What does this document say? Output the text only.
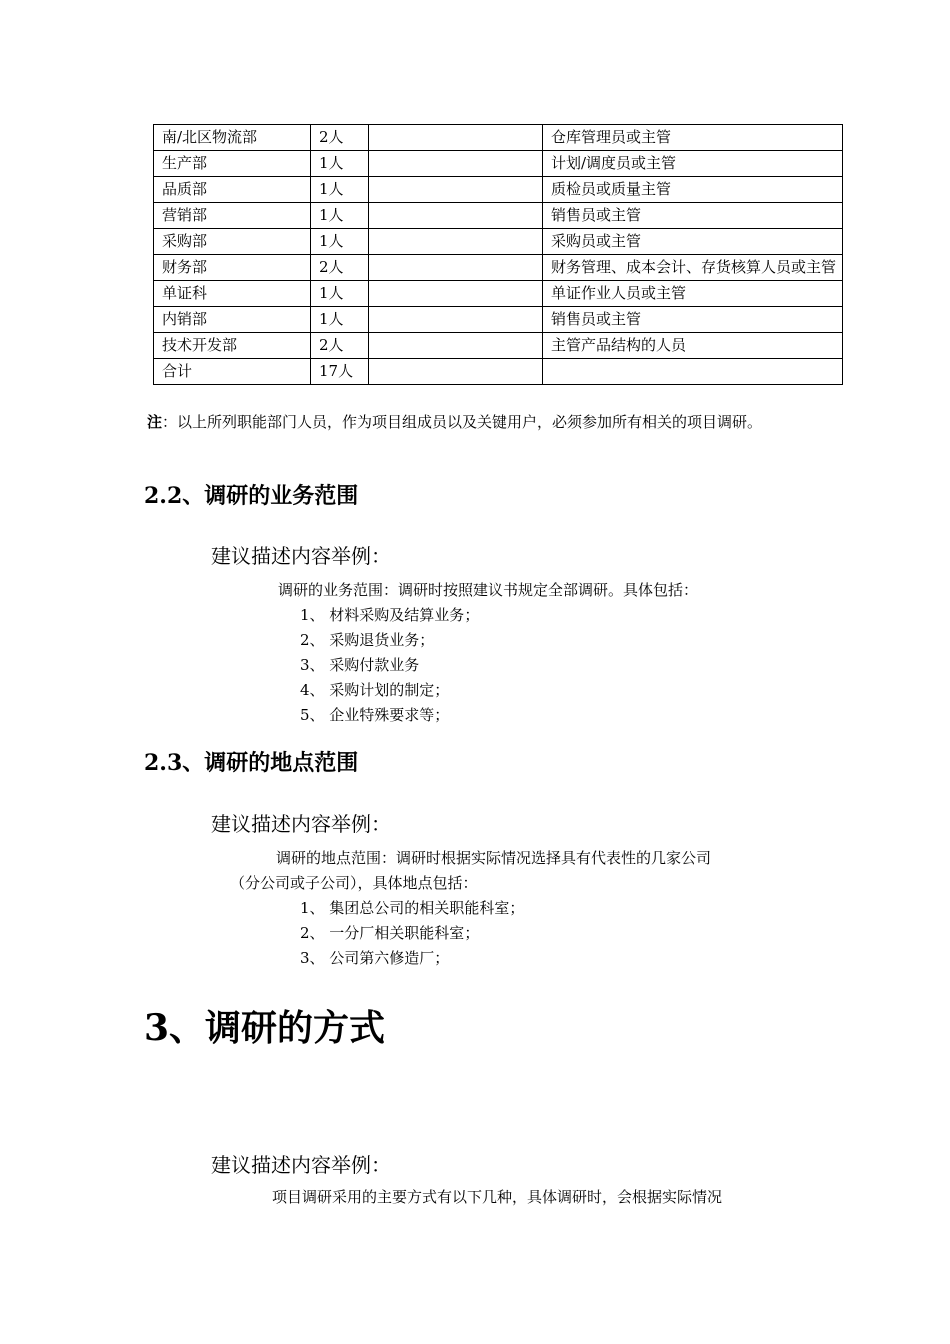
南/北区物流部	2人		仓库管理员或主管
生产部	1人		计划/调度员或主管
品质部	1人		质检员或质量主管
营销部	1人		销售员或主管
采购部	1人		采购员或主管
财务部	2人		财务管理、成本会计、存货核算人员或主管
单证科	1人		单证作业人员或主管
内销部	1人		销售员或主管
技术开发部	2人		主管产品结构的人员
合计	17人		
注：以上所列职能部门人员，作为项目组成员以及关键用户，必须参加所有相关的项目调研。
2.2、调研的业务范围
建议描述内容举例：
调研的业务范围：调研时按照建议书规定全部调研。具体包括：
1、 材料采购及结算业务；
2、 采购退货业务；
3、 采购付款业务
4、 采购计划的制定；
5、 企业特殊要求等；
2.3、调研的地点范围
建议描述内容举例：
调研的地点范围：调研时根据实际情况选择具有代表性的几家公司
（分公司或子公司），具体地点包括：
1、 集团总公司的相关职能科室；
2、 一分厂相关职能科室；
3、 公司第六修造厂；
3、调研的方式
建议描述内容举例：
项目调研采用的主要方式有以下几种，具体调研时，会根据实际情况
